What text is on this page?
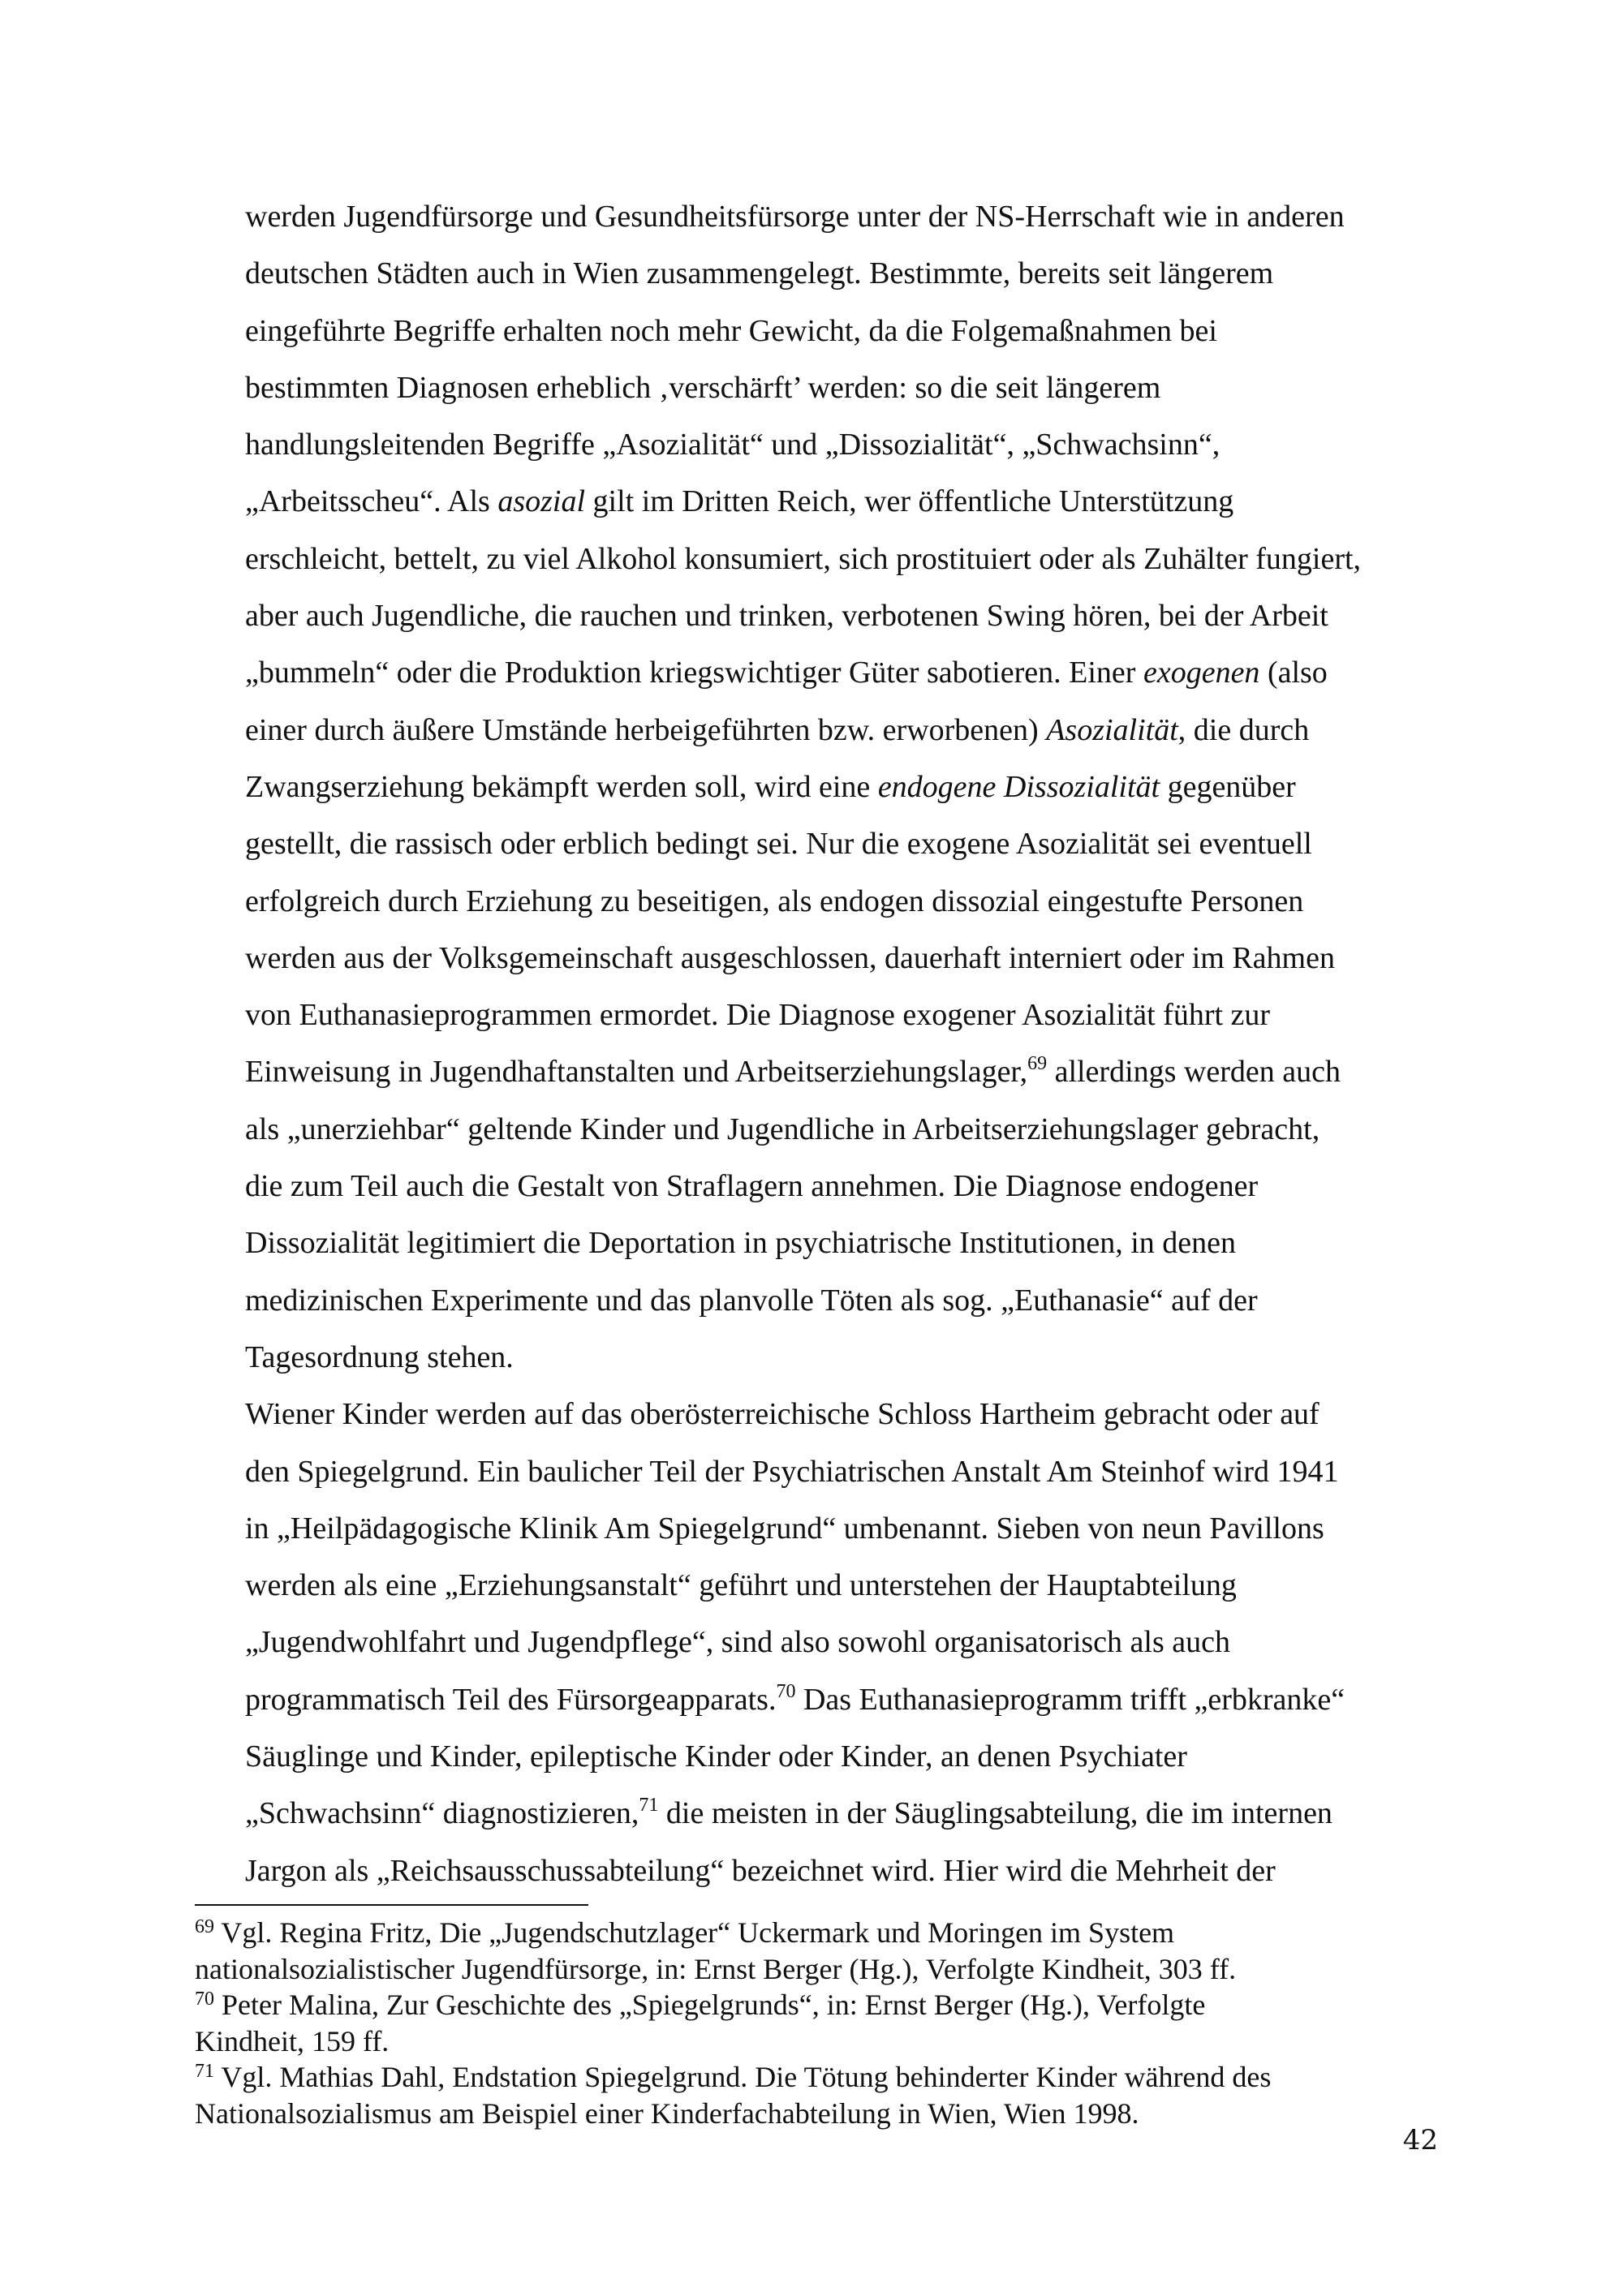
werden Jugendfürsorge und Gesundheitsfürsorge unter der NS-Herrschaft wie in anderen
deutschen Städten auch in Wien zusammengelegt. Bestimmte, bereits seit längerem
eingeführte Begriffe erhalten noch mehr Gewicht, da die Folgemaßnahmen bei
bestimmten Diagnosen erheblich ‚verschärft’ werden: so die seit längerem
handlungsleitenden Begriffe „Asozialität“ und „Dissozialität“, „Schwachsinn“,
„Arbeitsscheu“. Als asozial gilt im Dritten Reich, wer öffentliche Unterstützung
erschleicht, bettelt, zu viel Alkohol konsumiert, sich prostituiert oder als Zuhälter fungiert,
aber auch Jugendliche, die rauchen und trinken, verbotenen Swing hören, bei der Arbeit
„bummeln“ oder die Produktion kriegswichtiger Güter sabotieren. Einer exogenen (also
einer durch äußere Umstände herbeigeführten bzw. erworbenen) Asozialität, die durch
Zwangserziehung bekämpft werden soll, wird eine endogene Dissozialität gegenüber
gestellt, die rassisch oder erblich bedingt sei. Nur die exogene Asozialität sei eventuell
erfolgreich durch Erziehung zu beseitigen, als endogen dissozial eingestufte Personen
werden aus der Volksgemeinschaft ausgeschlossen, dauerhaft interniert oder im Rahmen
von Euthanasieprogrammen ermordet. Die Diagnose exogener Asozialität führt zur
Einweisung in Jugendhaftanstalten und Arbeitserziehungslager,$^{69}$ allerdings werden auch
als „unerziehbar“ geltende Kinder und Jugendliche in Arbeitserziehungslager gebracht,
die zum Teil auch die Gestalt von Straflagern annehmen. Die Diagnose endogener
Dissozialität legitimiert die Deportation in psychiatrische Institutionen, in denen
medizinischen Experimente und das planvolle Töten als sog. „Euthanasie“ auf der
Tagesordnung stehen.
Wiener Kinder werden auf das oberösterreichische Schloss Hartheim gebracht oder auf
den Spiegelgrund. Ein baulicher Teil der Psychiatrischen Anstalt Am Steinhof wird 1941
in „Heilpädagogische Klinik Am Spiegelgrund“ umbenannt. Sieben von neun Pavillons
werden als eine „Erziehungsanstalt“ geführt und unterstehen der Hauptabteilung
„Jugendwohlfahrt und Jugendpflege“, sind also sowohl organisatorisch als auch
programmatisch Teil des Fürsorgeapparats.$^{70}$ Das Euthanasieprogramm trifft „erbkranke“
Säuglinge und Kinder, epileptische Kinder oder Kinder, an denen Psychiater
„Schwachsinn“ diagnostizieren,$^{71}$ die meisten in der Säuglingsabteilung, die im internen
Jargon als „Reichsausschussabteilung“ bezeichnet wird. Hier wird die Mehrheit der
$^{69}$ Vgl. Regina Fritz, Die „Jugendschutzlager“ Uckermark und Moringen im System
nationalsozialistischer Jugendfürsorge, in: Ernst Berger (Hg.), Verfolgte Kindheit, 303 ff.
$^{70}$ Peter Malina, Zur Geschichte des „Spiegelgrunds“, in: Ernst Berger (Hg.), Verfolgte
Kindheit, 159 ff.
$^{71}$ Vgl. Mathias Dahl, Endstation Spiegelgrund. Die Tötung behinderter Kinder während des
Nationalsozialismus am Beispiel einer Kinderfachabteilung in Wien, Wien 1998.
42
